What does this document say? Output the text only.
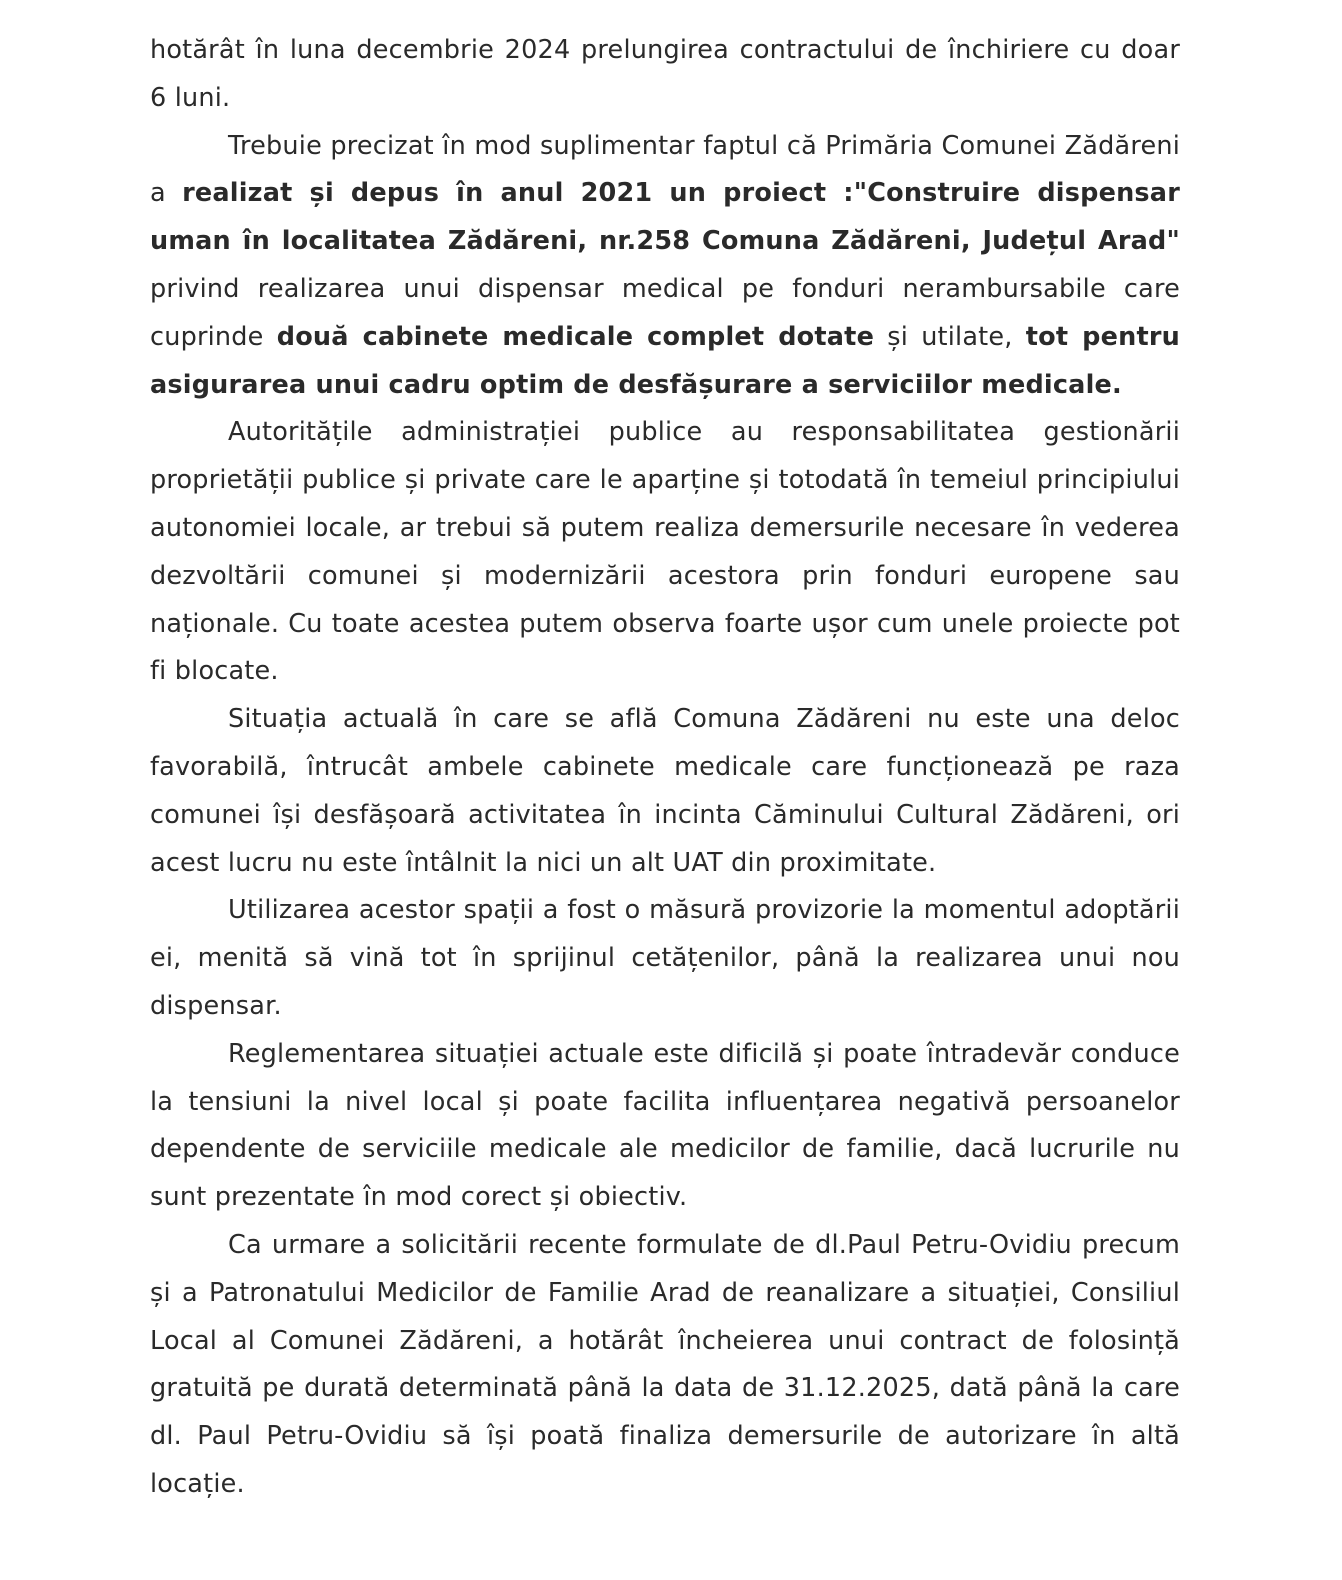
hotărât în luna decembrie 2024 prelungirea contractului de închiriere cu doar 6 luni.

Trebuie precizat în mod suplimentar faptul că Primăria Comunei Zădăreni a realizat și depus în anul 2021 un proiect :"Construire dispensar uman în localitatea Zădăreni, nr.258 Comuna Zădăreni, Județul Arad" privind realizarea unui dispensar medical pe fonduri nerambursabile care cuprinde două cabinete medicale complet dotate și utilate, tot pentru asigurarea unui cadru optim de desfășurare a serviciilor medicale.

Autoritățile administrației publice au responsabilitatea gestionării proprietății publice și private care le aparține și totodată în temeiul principiului autonomiei locale, ar trebui să putem realiza demersurile necesare în vederea dezvoltării comunei și modernizării acestora prin fonduri europene sau naționale. Cu toate acestea putem observa foarte ușor cum unele proiecte pot fi blocate.

Situația actuală în care se află Comuna Zădăreni nu este una deloc favorabilă, întrucât ambele cabinete medicale care funcționează pe raza comunei își desfășoară activitatea în incinta Căminului Cultural Zădăreni, ori acest lucru nu este întâlnit la nici un alt UAT din proximitate.

Utilizarea acestor spații a fost o măsură provizorie la momentul adoptării ei, menită să vină tot în sprijinul cetățenilor, până la realizarea unui nou dispensar.

Reglementarea situației actuale este dificilă și poate întradevăr conduce la tensiuni la nivel local și poate facilita influențarea negativă persoanelor dependente de serviciile medicale ale medicilor de familie, dacă lucrurile nu sunt prezentate în mod corect și obiectiv.

Ca urmare a solicitării recente formulate de dl.Paul Petru-Ovidiu precum și a Patronatului Medicilor de Familie Arad de reanalizare a situației, Consiliul Local al Comunei Zădăreni, a hotărât încheierea unui contract de folosință gratuită pe durată determinată până la data de 31.12.2025, dată până la care dl. Paul Petru-Ovidiu să își poată finaliza demersurile de autorizare în altă locație.
